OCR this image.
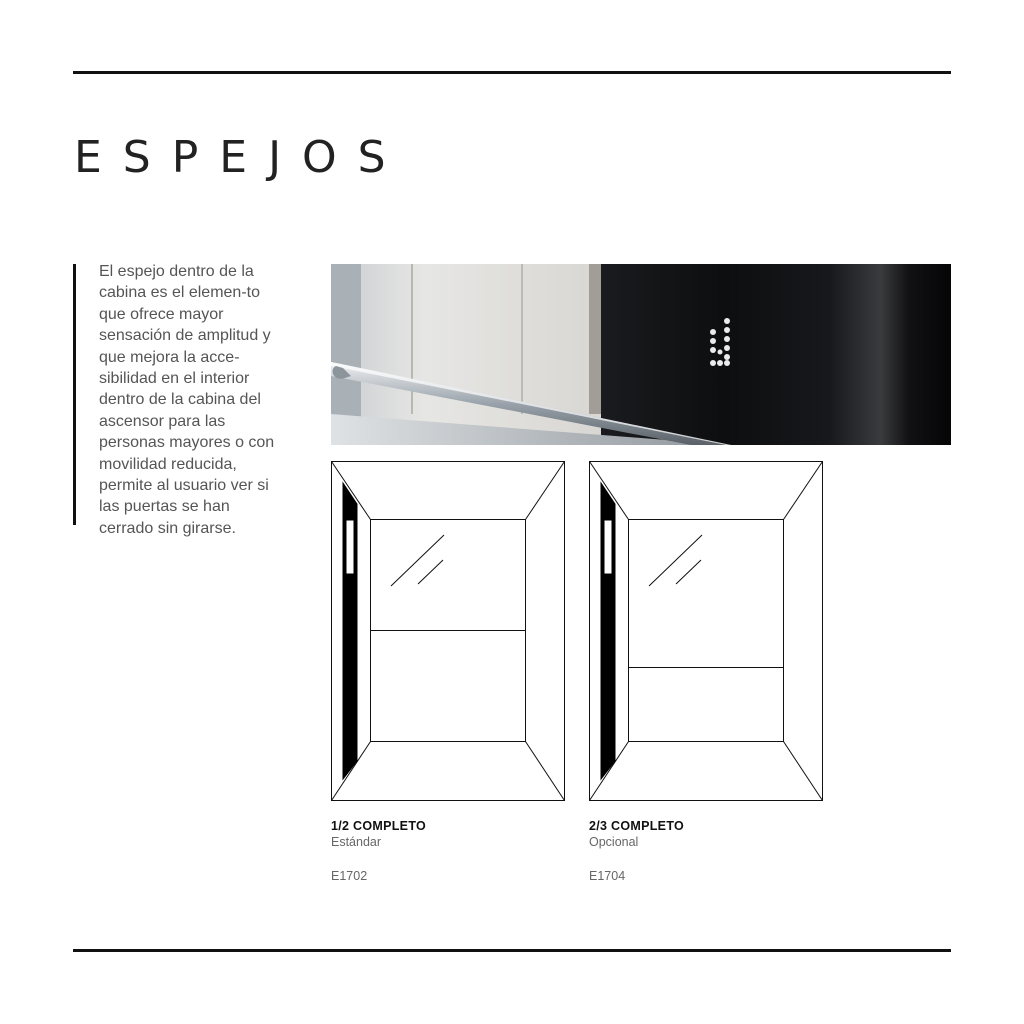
ESPEJOS

El espejo dentro de la cabina es el elemen-to que ofrece mayor sensación de amplitud y que mejora la acce-sibilidad en el interior dentro de la cabina del ascensor para las personas mayores o con movilidad reducida, permite al usuario ver si las puertas se han cerrado sin girarse.

1/2 COMPLETO
Estándar
E1702
2/3 COMPLETO
Opcional
E1704
